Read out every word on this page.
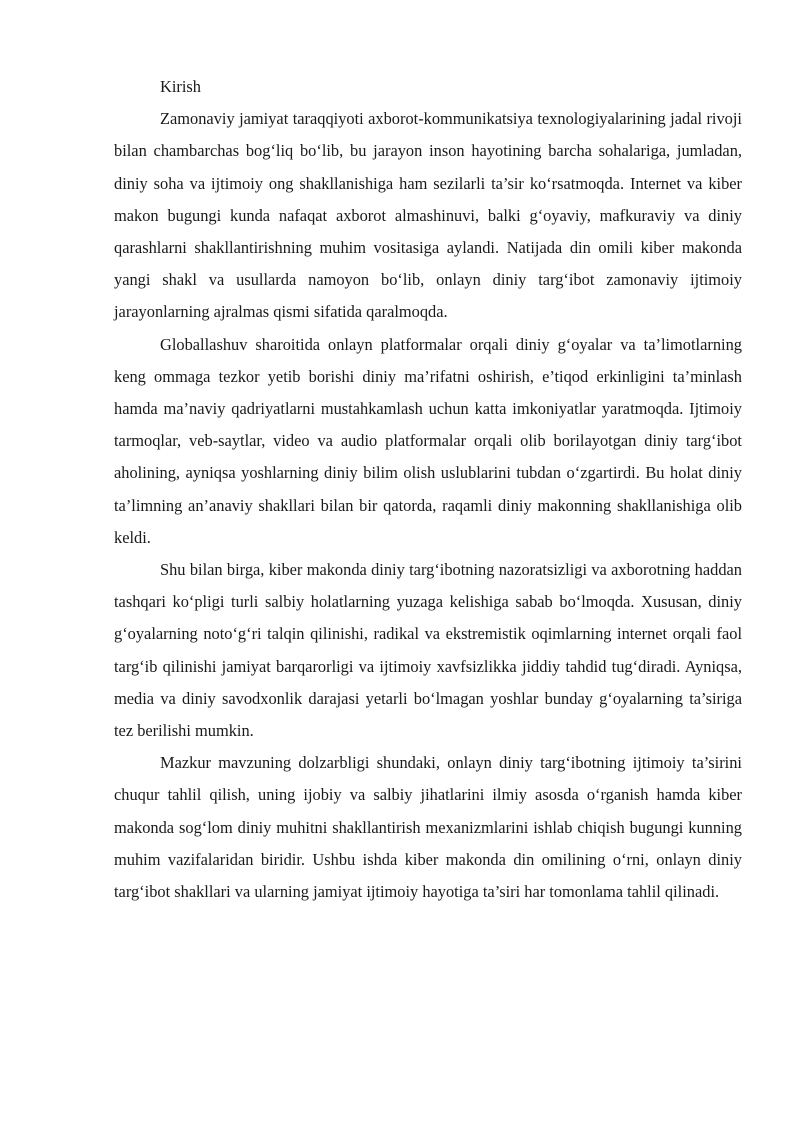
Kirish

Zamonaviy jamiyat taraqqiyoti axborot-kommunikatsiya texnologiyalarining jadal rivoji bilan chambarchas bog‘liq bo‘lib, bu jarayon inson hayotining barcha sohalariga, jumladan, diniy soha va ijtimoiy ong shakllanishiga ham sezilarli ta’sir ko‘rsatmoqda. Internet va kiber makon bugungi kunda nafaqat axborot almashinuvi, balki g‘oyaviy, mafkuraviy va diniy qarashlarni shakllantirishning muhim vositasiga aylandi. Natijada din omili kiber makonda yangi shakl va usullarda namoyon bo‘lib, onlayn diniy targ‘ibot zamonaviy ijtimoiy jarayonlarning ajralmas qismi sifatida qaralmoqda.

Globallashuv sharoitida onlayn platformalar orqali diniy g‘oyalar va ta’limotlarning keng ommaga tezkor yetib borishi diniy ma’rifatni oshirish, e’tiqod erkinligini ta’minlash hamda ma’naviy qadriyatlarni mustahkamlash uchun katta imkoniyatlar yaratmoqda. Ijtimoiy tarmoqlar, veb-saytlar, video va audio platformalar orqali olib borilayotgan diniy targ‘ibot aholining, ayniqsa yoshlarning diniy bilim olish uslublarini tubdan o‘zgartirdi. Bu holat diniy ta’limning an’anaviy shakllari bilan bir qatorda, raqamli diniy makonning shakllanishiga olib keldi.

Shu bilan birga, kiber makonda diniy targ‘ibotning nazoratsizligi va axborotning haddan tashqari ko‘pligi turli salbiy holatlarning yuzaga kelishiga sabab bo‘lmoqda. Xususan, diniy g‘oyalarning noto‘g‘ri talqin qilinishi, radikal va ekstremistik oqimlarning internet orqali faol targ‘ib qilinishi jamiyat barqarorligi va ijtimoiy xavfsizlikka jiddiy tahdid tug‘diradi. Ayniqsa, media va diniy savodxonlik darajasi yetarli bo‘lmagan yoshlar bunday g‘oyalarning ta’siriga tez berilishi mumkin.

Mazkur mavzuning dolzarbligi shundaki, onlayn diniy targ‘ibotning ijtimoiy ta’sirini chuqur tahlil qilish, uning ijobiy va salbiy jihatlarini ilmiy asosda o‘rganish hamda kiber makonda sog‘lom diniy muhitni shakllantirish mexanizmlarini ishlab chiqish bugungi kunning muhim vazifalaridan biridir. Ushbu ishda kiber makonda din omilining o‘rni, onlayn diniy targ‘ibot shakllari va ularning jamiyat ijtimoiy hayotiga ta’siri har tomonlama tahlil qilinadi.
